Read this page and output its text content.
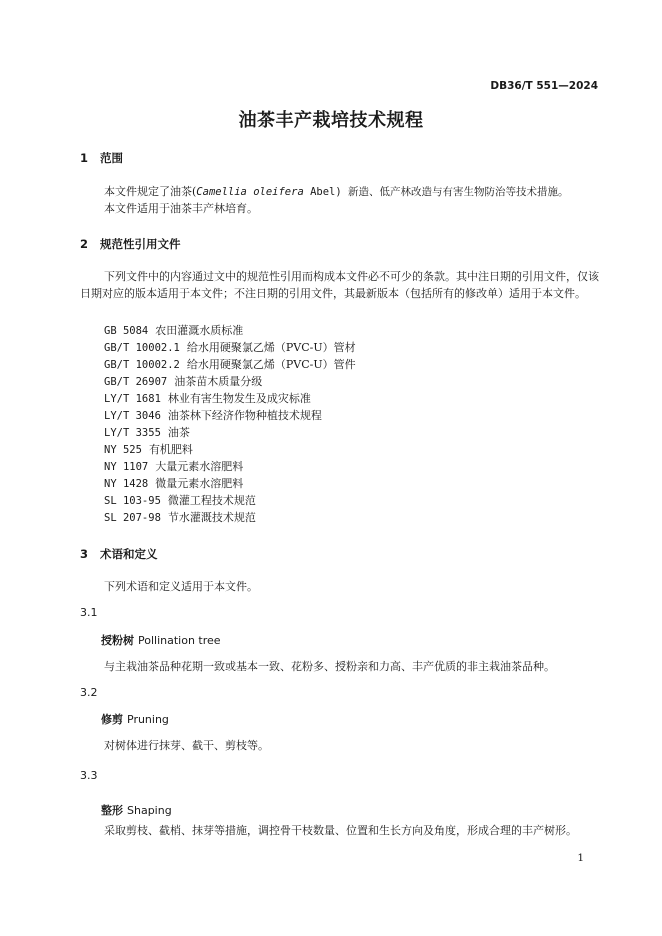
DB36/T 551—2024
油茶丰产栽培技术规程
1 范围
本文件规定了油茶(Camellia oleifera Abel) 新造、低产林改造与有害生物防治等技术措施。
本文件适用于油茶丰产林培育。
2 规范性引用文件
下列文件中的内容通过文中的规范性引用而构成本文件必不可少的条款。其中注日期的引用文件，仅该日期对应的版本适用于本文件；不注日期的引用文件，其最新版本（包括所有的修改单）适用于本文件。
GB 5084 农田灌溉水质标准
GB/T 10002.1 给水用硬聚氯乙烯（PVC-U）管材
GB/T 10002.2 给水用硬聚氯乙烯（PVC-U）管件
GB/T 26907 油茶苗木质量分级
LY/T 1681 林业有害生物发生及成灾标准
LY/T 3046 油茶林下经济作物种植技术规程
LY/T 3355 油茶
NY 525 有机肥料
NY 1107 大量元素水溶肥料
NY 1428 微量元素水溶肥料
SL 103-95 微灌工程技术规范
SL 207-98 节水灌溉技术规范
3 术语和定义
下列术语和定义适用于本文件。
3.1
授粉树 Pollination tree
与主栽油茶品种花期一致或基本一致、花粉多、授粉亲和力高、丰产优质的非主栽油茶品种。
3.2
修剪 Pruning
对树体进行抹芽、截干、剪枝等。
3.3
整形 Shaping
采取剪枝、截梢、抹芽等措施，调控骨干枝数量、位置和生长方向及角度，形成合理的丰产树形。
1
